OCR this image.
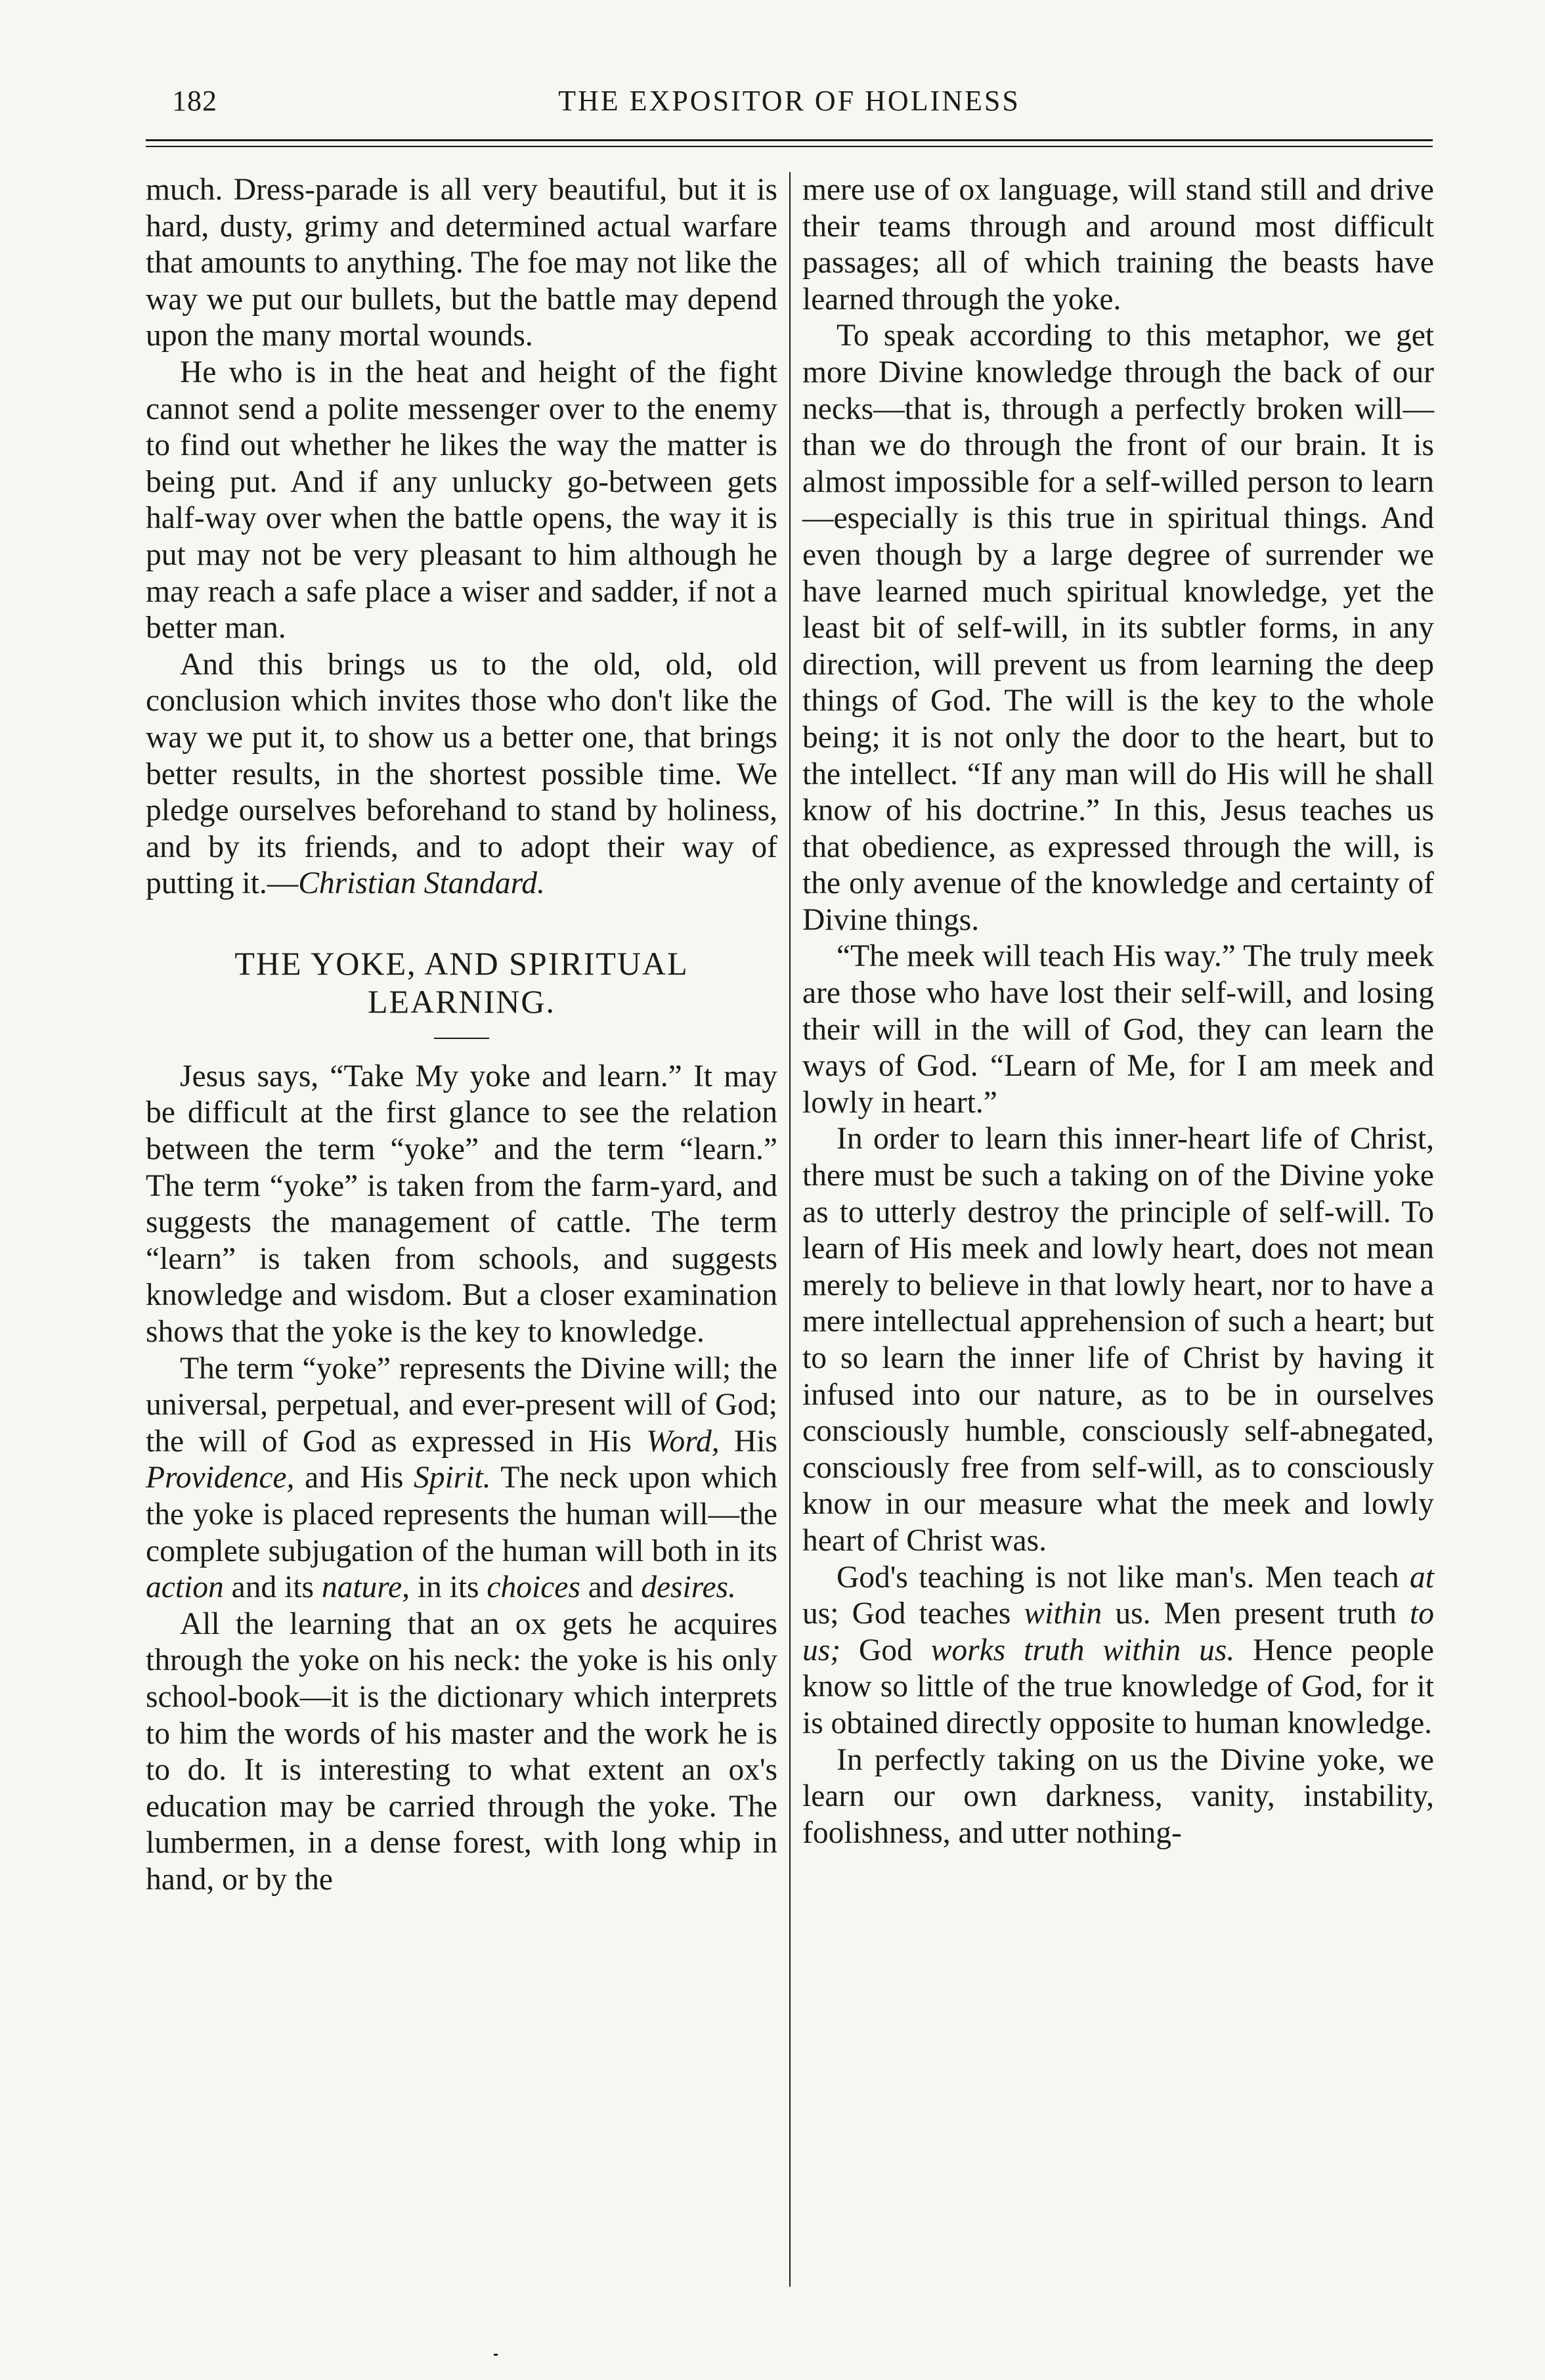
182	THE EXPOSITOR OF HOLINESS

much. Dress-parade is all very beautiful, but it is hard, dusty, grimy and determined actual warfare that amounts to anything. The foe may not like the way we put our bullets, but the battle may depend upon the many mortal wounds.

He who is in the heat and height of the fight cannot send a polite messenger over to the enemy to find out whether he likes the way the matter is being put. And if any unlucky go-between gets half-way over when the battle opens, the way it is put may not be very pleasant to him although he may reach a safe place a wiser and sadder, if not a better man.

And this brings us to the old, old, old conclusion which invites those who don't like the way we put it, to show us a better one, that brings better results, in the shortest possible time. We pledge ourselves beforehand to stand by holiness, and by its friends, and to adopt their way of putting it.—Christian Standard.

THE YOKE, AND SPIRITUAL LEARNING.

Jesus says, “Take My yoke and learn.” It may be difficult at the first glance to see the relation between the term “yoke” and the term “learn.” The term “yoke” is taken from the farm-yard, and suggests the management of cattle. The term “learn” is taken from schools, and suggests knowledge and wisdom. But a closer examination shows that the yoke is the key to knowledge.

The term “yoke” represents the Divine will; the universal, perpetual, and ever-present will of God; the will of God as expressed in His Word, His Providence, and His Spirit. The neck upon which the yoke is placed represents the human will—the complete subjugation of the human will both in its action and its nature, in its choices and desires.

All the learning that an ox gets he acquires through the yoke on his neck: the yoke is his only school-book—it is the dictionary which interprets to him the words of his master and the work he is to do. It is interesting to what extent an ox's education may be carried through the yoke. The lumbermen, in a dense forest, with long whip in hand, or by the

mere use of ox language, will stand still and drive their teams through and around most difficult passages; all of which training the beasts have learned through the yoke.

To speak according to this metaphor, we get more Divine knowledge through the back of our necks—that is, through a perfectly broken will—than we do through the front of our brain. It is almost impossible for a self-willed person to learn—especially is this true in spiritual things. And even though by a large degree of surrender we have learned much spiritual knowledge, yet the least bit of self-will, in its subtler forms, in any direction, will prevent us from learning the deep things of God. The will is the key to the whole being; it is not only the door to the heart, but to the intellect. “If any man will do His will he shall know of his doctrine.” In this, Jesus teaches us that obedience, as expressed through the will, is the only avenue of the knowledge and certainty of Divine things.

“The meek will teach His way.” The truly meek are those who have lost their self-will, and losing their will in the will of God, they can learn the ways of God. “Learn of Me, for I am meek and lowly in heart.”

In order to learn this inner-heart life of Christ, there must be such a taking on of the Divine yoke as to utterly destroy the principle of self-will. To learn of His meek and lowly heart, does not mean merely to believe in that lowly heart, nor to have a mere intellectual apprehension of such a heart; but to so learn the inner life of Christ by having it infused into our nature, as to be in ourselves consciously humble, consciously self-abnegated, consciously free from self-will, as to consciously know in our measure what the meek and lowly heart of Christ was.

God's teaching is not like man's. Men teach at us; God teaches within us. Men present truth to us; God works truth within us. Hence people know so little of the true knowledge of God, for it is obtained directly opposite to human knowledge.

In perfectly taking on us the Divine yoke, we learn our own darkness, vanity, instability, foolishness, and utter nothing-
